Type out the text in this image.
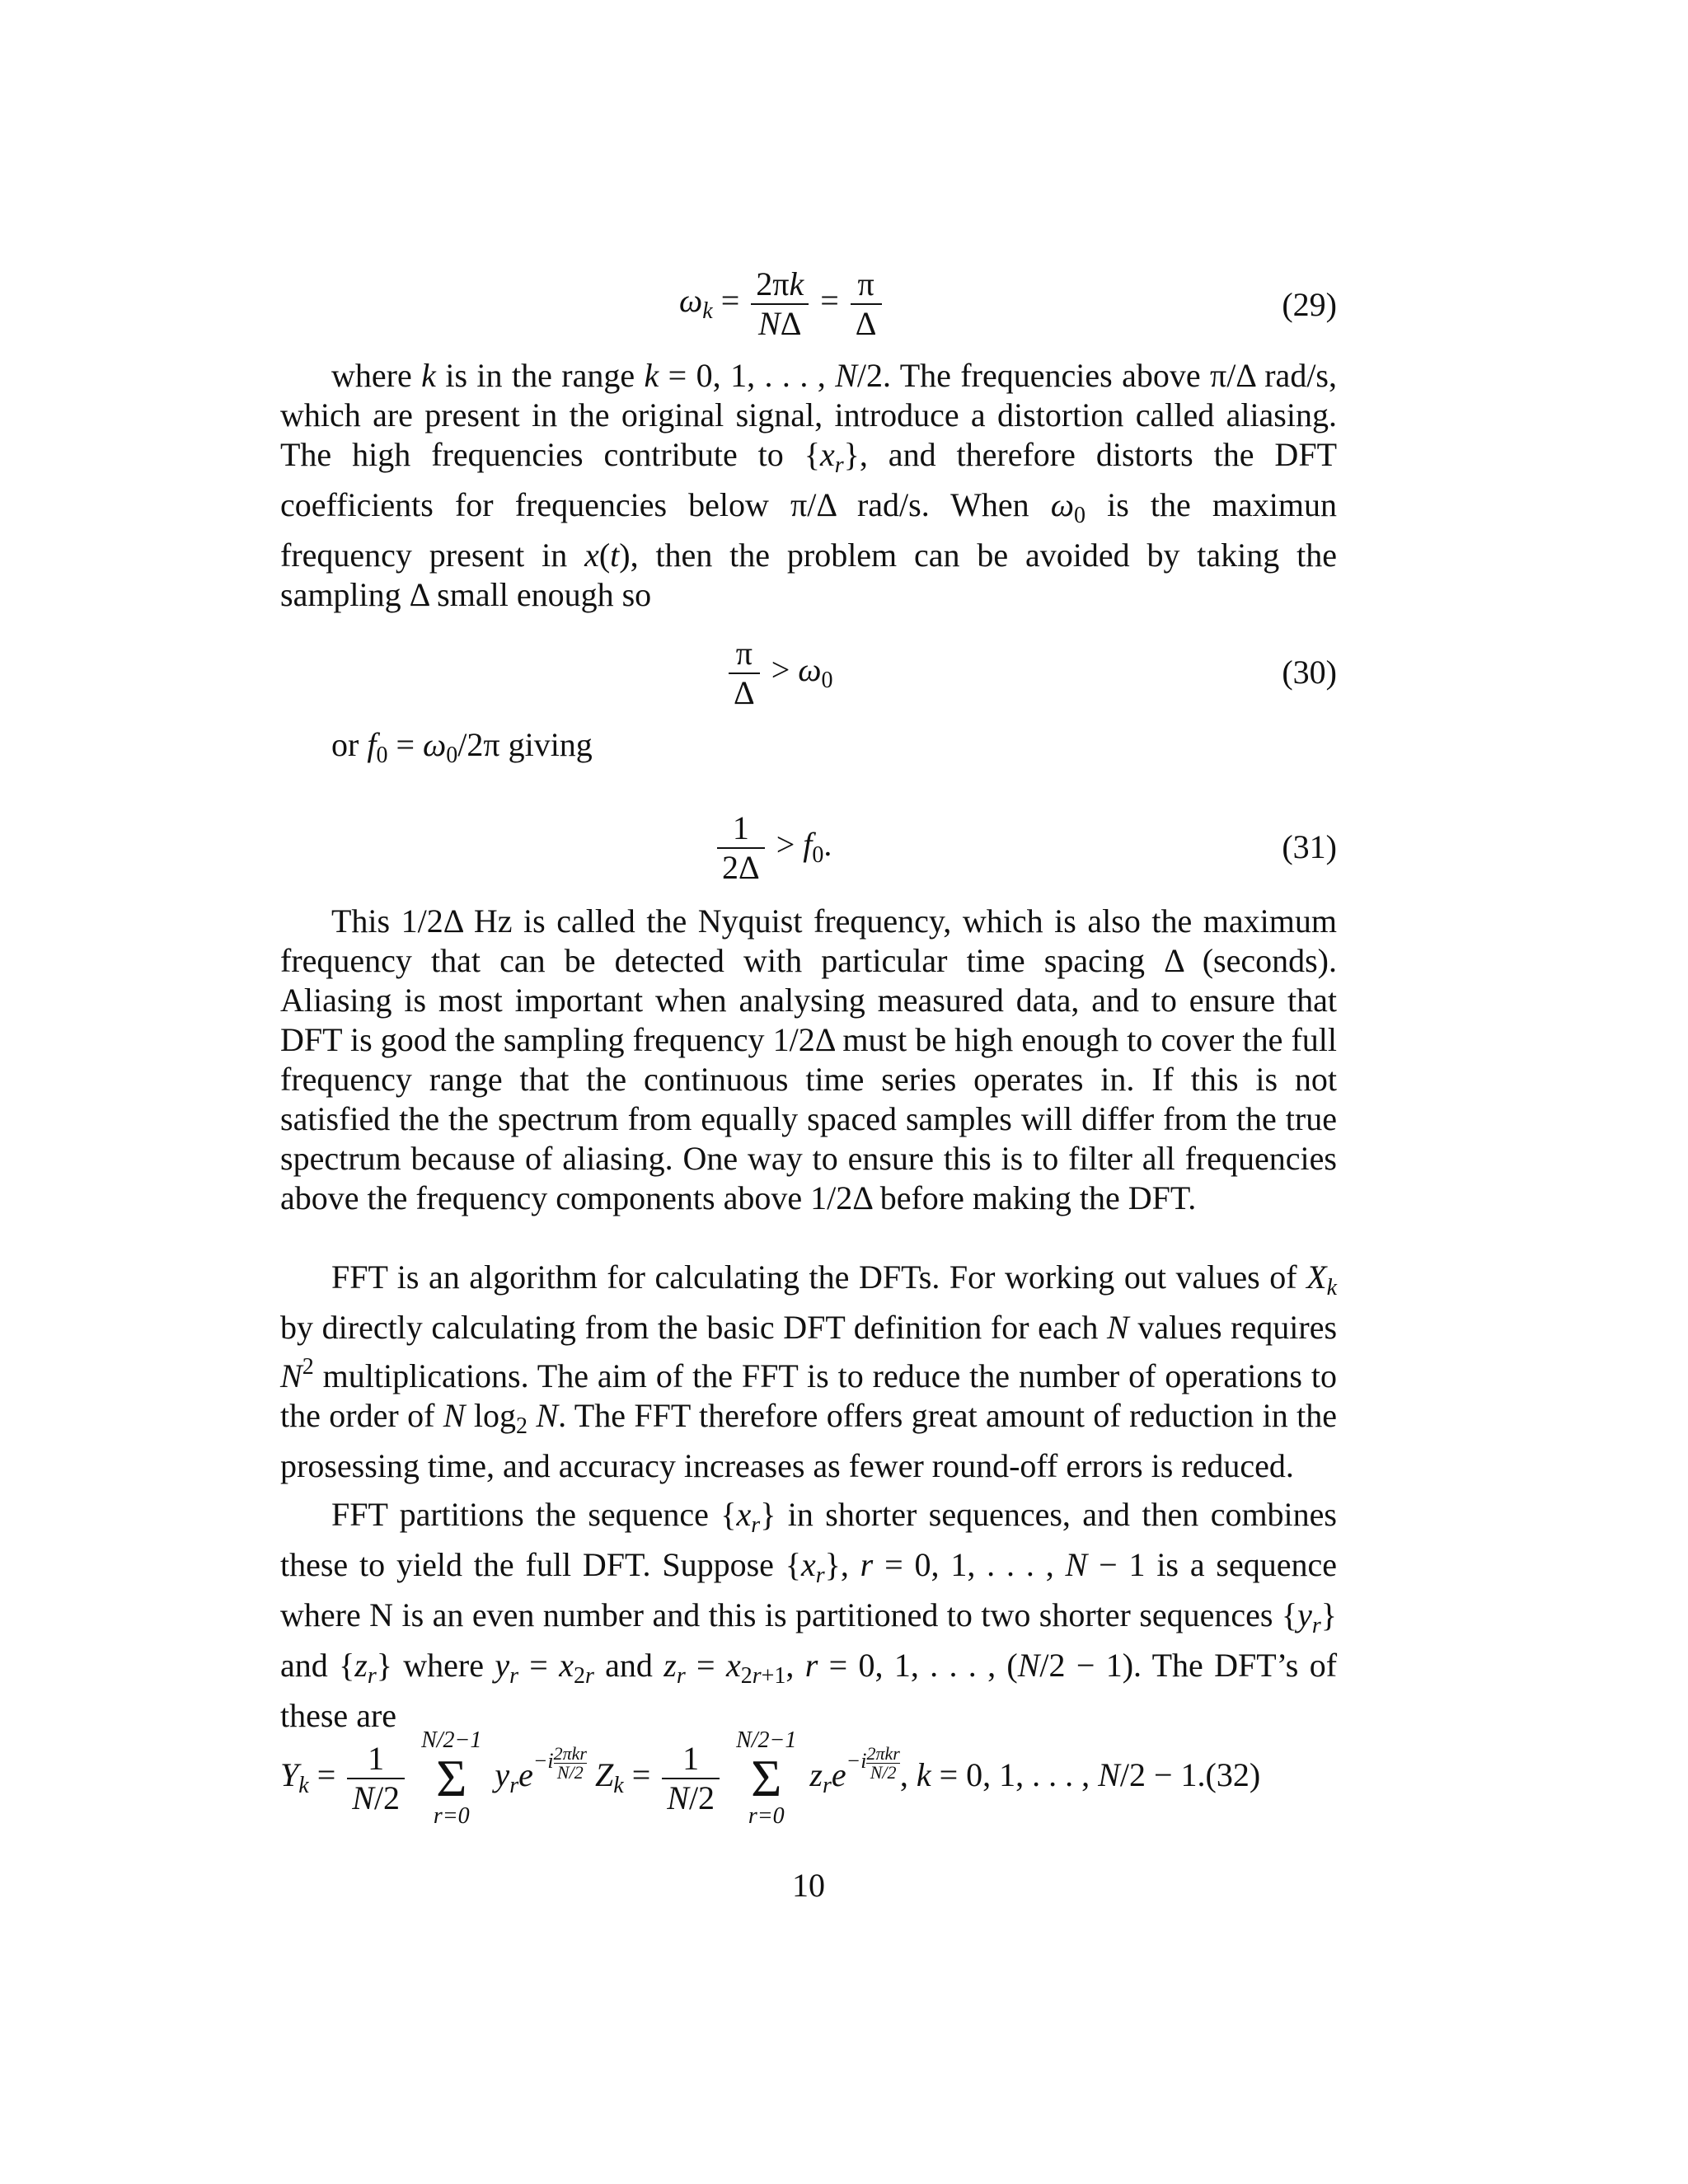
$\omega_k = \frac{2\pi k}{N\Delta} = \frac{\pi}{\Delta}$	(29)
where k is in the range k = 0, 1, . . . , N/2. The frequencies above π/Δ rad/s, which are present in the original signal, introduce a distortion called aliasing. The high frequencies contribute to $\{x_r\}$, and therefore distorts the DFT coefficients for frequencies below π/Δ rad/s. When $\omega_0$ is the maximun frequency present in x(t), then the problem can be avoided by taking the sampling Δ small enough so
$\frac{\pi}{\Delta} > \omega_0$	(30)
or $f_0 = \omega_0/2\pi$ giving
$\frac{1}{2\Delta} > f_0$.	(31)
This 1/2Δ Hz is called the Nyquist frequency, which is also the maximum frequency that can be detected with particular time spacing Δ (seconds). Aliasing is most important when analysing measured data, and to ensure that DFT is good the sampling frequency 1/2Δ must be high enough to cover the full frequency range that the continuous time series operates in. If this is not satisfied the the spectrum from equally spaced samples will differ from the true spectrum because of aliasing. One way to ensure this is to filter all frequencies above the frequency components above 1/2Δ before making the DFT.
FFT is an algorithm for calculating the DFTs. For working out values of $X_k$ by directly calculating from the basic DFT definition for each N values requires $N^2$ multiplications. The aim of the FFT is to reduce the number of operations to the order of N $\log_2 N$. The FFT therefore offers great amount of reduction in the prosessing time, and accuracy increases as fewer round-off errors is reduced.
FFT partitions the sequence $\{x_r\}$ in shorter sequences, and then combines these to yield the full DFT. Suppose $\{x_r\}$, r = 0, 1, . . . , N − 1 is a sequence where N is an even number and this is partitioned to two shorter sequences $\{y_r\}$ and $\{z_r\}$ where $y_r = x_{2r}$ and $z_r = x_{2r+1}$, r = 0, 1, . . . , (N/2 − 1). The DFT’s of these are
$Y_k = \frac{1}{N/2}$
N/2−1
Σ
r=0
$y_re^{-i 2\pi kr N/2}$ $Z_k = \frac{1}{N/2}$
N/2−1
Σ
r=0
$z_re^{-i 2\pi kr N/2}$ , k = 0, 1, . . . , N/2 − 1.(32)
10
